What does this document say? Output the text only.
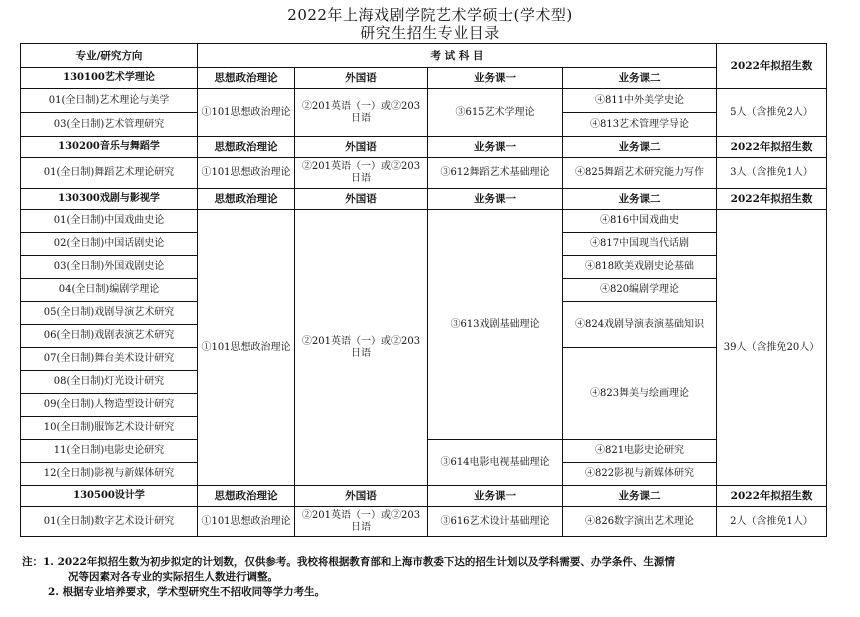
2022年上海戏剧学院艺术学硕士(学术型)
研究生招生专业目录
专业/研究方向	考 试 科 目				2022年拟招生数
130100艺术学理论	思想政治理论	外国语	业务课一	业务课二	
01(全日制)艺术理论与美学	①101思想政治理论	②201英语（一）或②203日语	③615艺术学理论	④811中外美学史论	5人（含推免2人）
03(全日制)艺术管理研究				④813艺术管理学导论	
130200音乐与舞蹈学	思想政治理论	外国语	业务课一	业务课二	2022年拟招生数
01(全日制)舞蹈艺术理论研究	①101思想政治理论	②201英语（一）或②203日语	③612舞蹈艺术基础理论	④825舞蹈艺术研究能力写作	3人（含推免1人）
130300戏剧与影视学	思想政治理论	外国语	业务课一	业务课二	2022年拟招生数
01(全日制)中国戏曲史论	①101思想政治理论	②201英语（一）或②203日语	③613戏剧基础理论	④816中国戏曲史	39人（含推免20人）
02(全日制)中国话剧史论				④817中国现当代话剧	
03(全日制)外国戏剧史论				④818欧美戏剧史论基础	
04(全日制)编剧学理论				④820编剧学理论	
05(全日制)戏剧导演艺术研究				④824戏剧导演表演基础知识	
06(全日制)戏剧表演艺术研究					
07(全日制)舞台美术设计研究				④823舞美与绘画理论	
08(全日制)灯光设计研究					
09(全日制)人物造型设计研究					
10(全日制)服饰艺术设计研究					
11(全日制)电影史论研究			③614电影电视基础理论	④821电影史论研究	
12(全日制)影视与新媒体研究				④822影视与新媒体研究	
130500设计学	思想政治理论	外国语	业务课一	业务课二	2022年拟招生数
01(全日制)数字艺术设计研究	①101思想政治理论	②201英语（一）或②203日语	③616艺术设计基础理论	④826数字演出艺术理论	2人（含推免1人）
注：1. 2022年拟招生数为初步拟定的计划数，仅供参考。我校将根据教育部和上海市教委下达的招生计划以及学科需要、办学条件、生源情
况等因素对各专业的实际招生人数进行调整。
2. 根据专业培养要求，学术型研究生不招收同等学力考生。
